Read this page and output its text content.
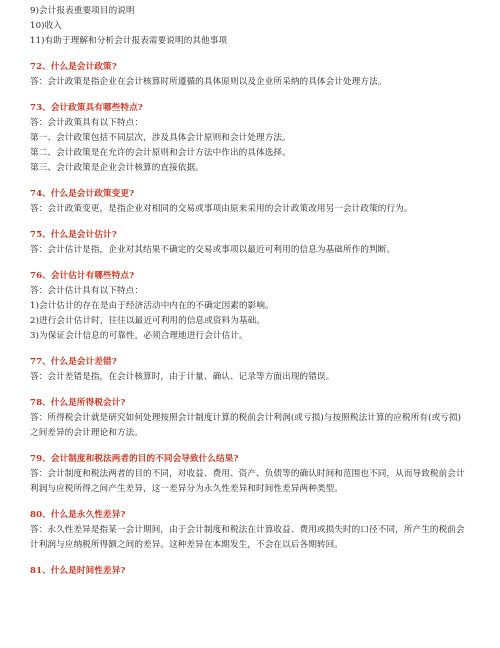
9)会计报表重要项目的说明
10)收入
11)有助于理解和分析会计报表需要说明的其他事项
72、什么是会计政策?
答：会计政策是指企业在会计核算时所遵循的具体原则以及企业所采纳的具体会计处理方法。
73、会计政策具有哪些特点?
答：会计政策具有以下特点：
第一、会计政策包括不同层次，涉及具体会计原则和会计处理方法。
第二、会计政策是在允许的会计原则和会计方法中作出的具体选择。
第三、会计政策是企业会计核算的直接依据。
74、什么是会计政策变更?
答：会计政策变更，是指企业对相同的交易或事项由原来采用的会计政策改用另一会计政策的行为。
75、什么是会计估计?
答：会计估计是指，企业对其结果不确定的交易或事项以最近可利用的信息为基础所作的判断。
76、会计估计有哪些特点?
答：会计估计具有以下特点：
1)会计估计的存在是由于经济活动中内在的不确定因素的影响。
2)进行会计估计时，往往以最近可利用的信息或资料为基础。
3)为保证会计信息的可靠性，必须合理地进行会计估计。
77、什么是会计差错?
答：会计差错是指，在会计核算时，由于计量、确认、记录等方面出现的错误。
78、什么是所得税会计?
答：所得税会计就是研究如何处理按照会计制度计算的税前会计利润(或亏损)与按照税法计算的应税所有(或亏损)
之间差异的会计理论和方法。
79、会计制度和税法两者的目的不同会导致什么结果?
答：会计制度和税法两者的目的不同，对收益、费用、资产、负债等的确认时间和范围也不同，从而导致税前会计
利润与应税所得之间产生差异，这一差异分为永久性差异和时间性差异两种类型。
80、什么是永久性差异?
答：永久性差异是指某一会计期间，由于会计制度和税法在计算收益、费用或损失时的口径不同，所产生的税前会
计利润与应纳税所得额之间的差异。这种差异在本期发生，不会在以后各期转回。
81、什么是时间性差异?
